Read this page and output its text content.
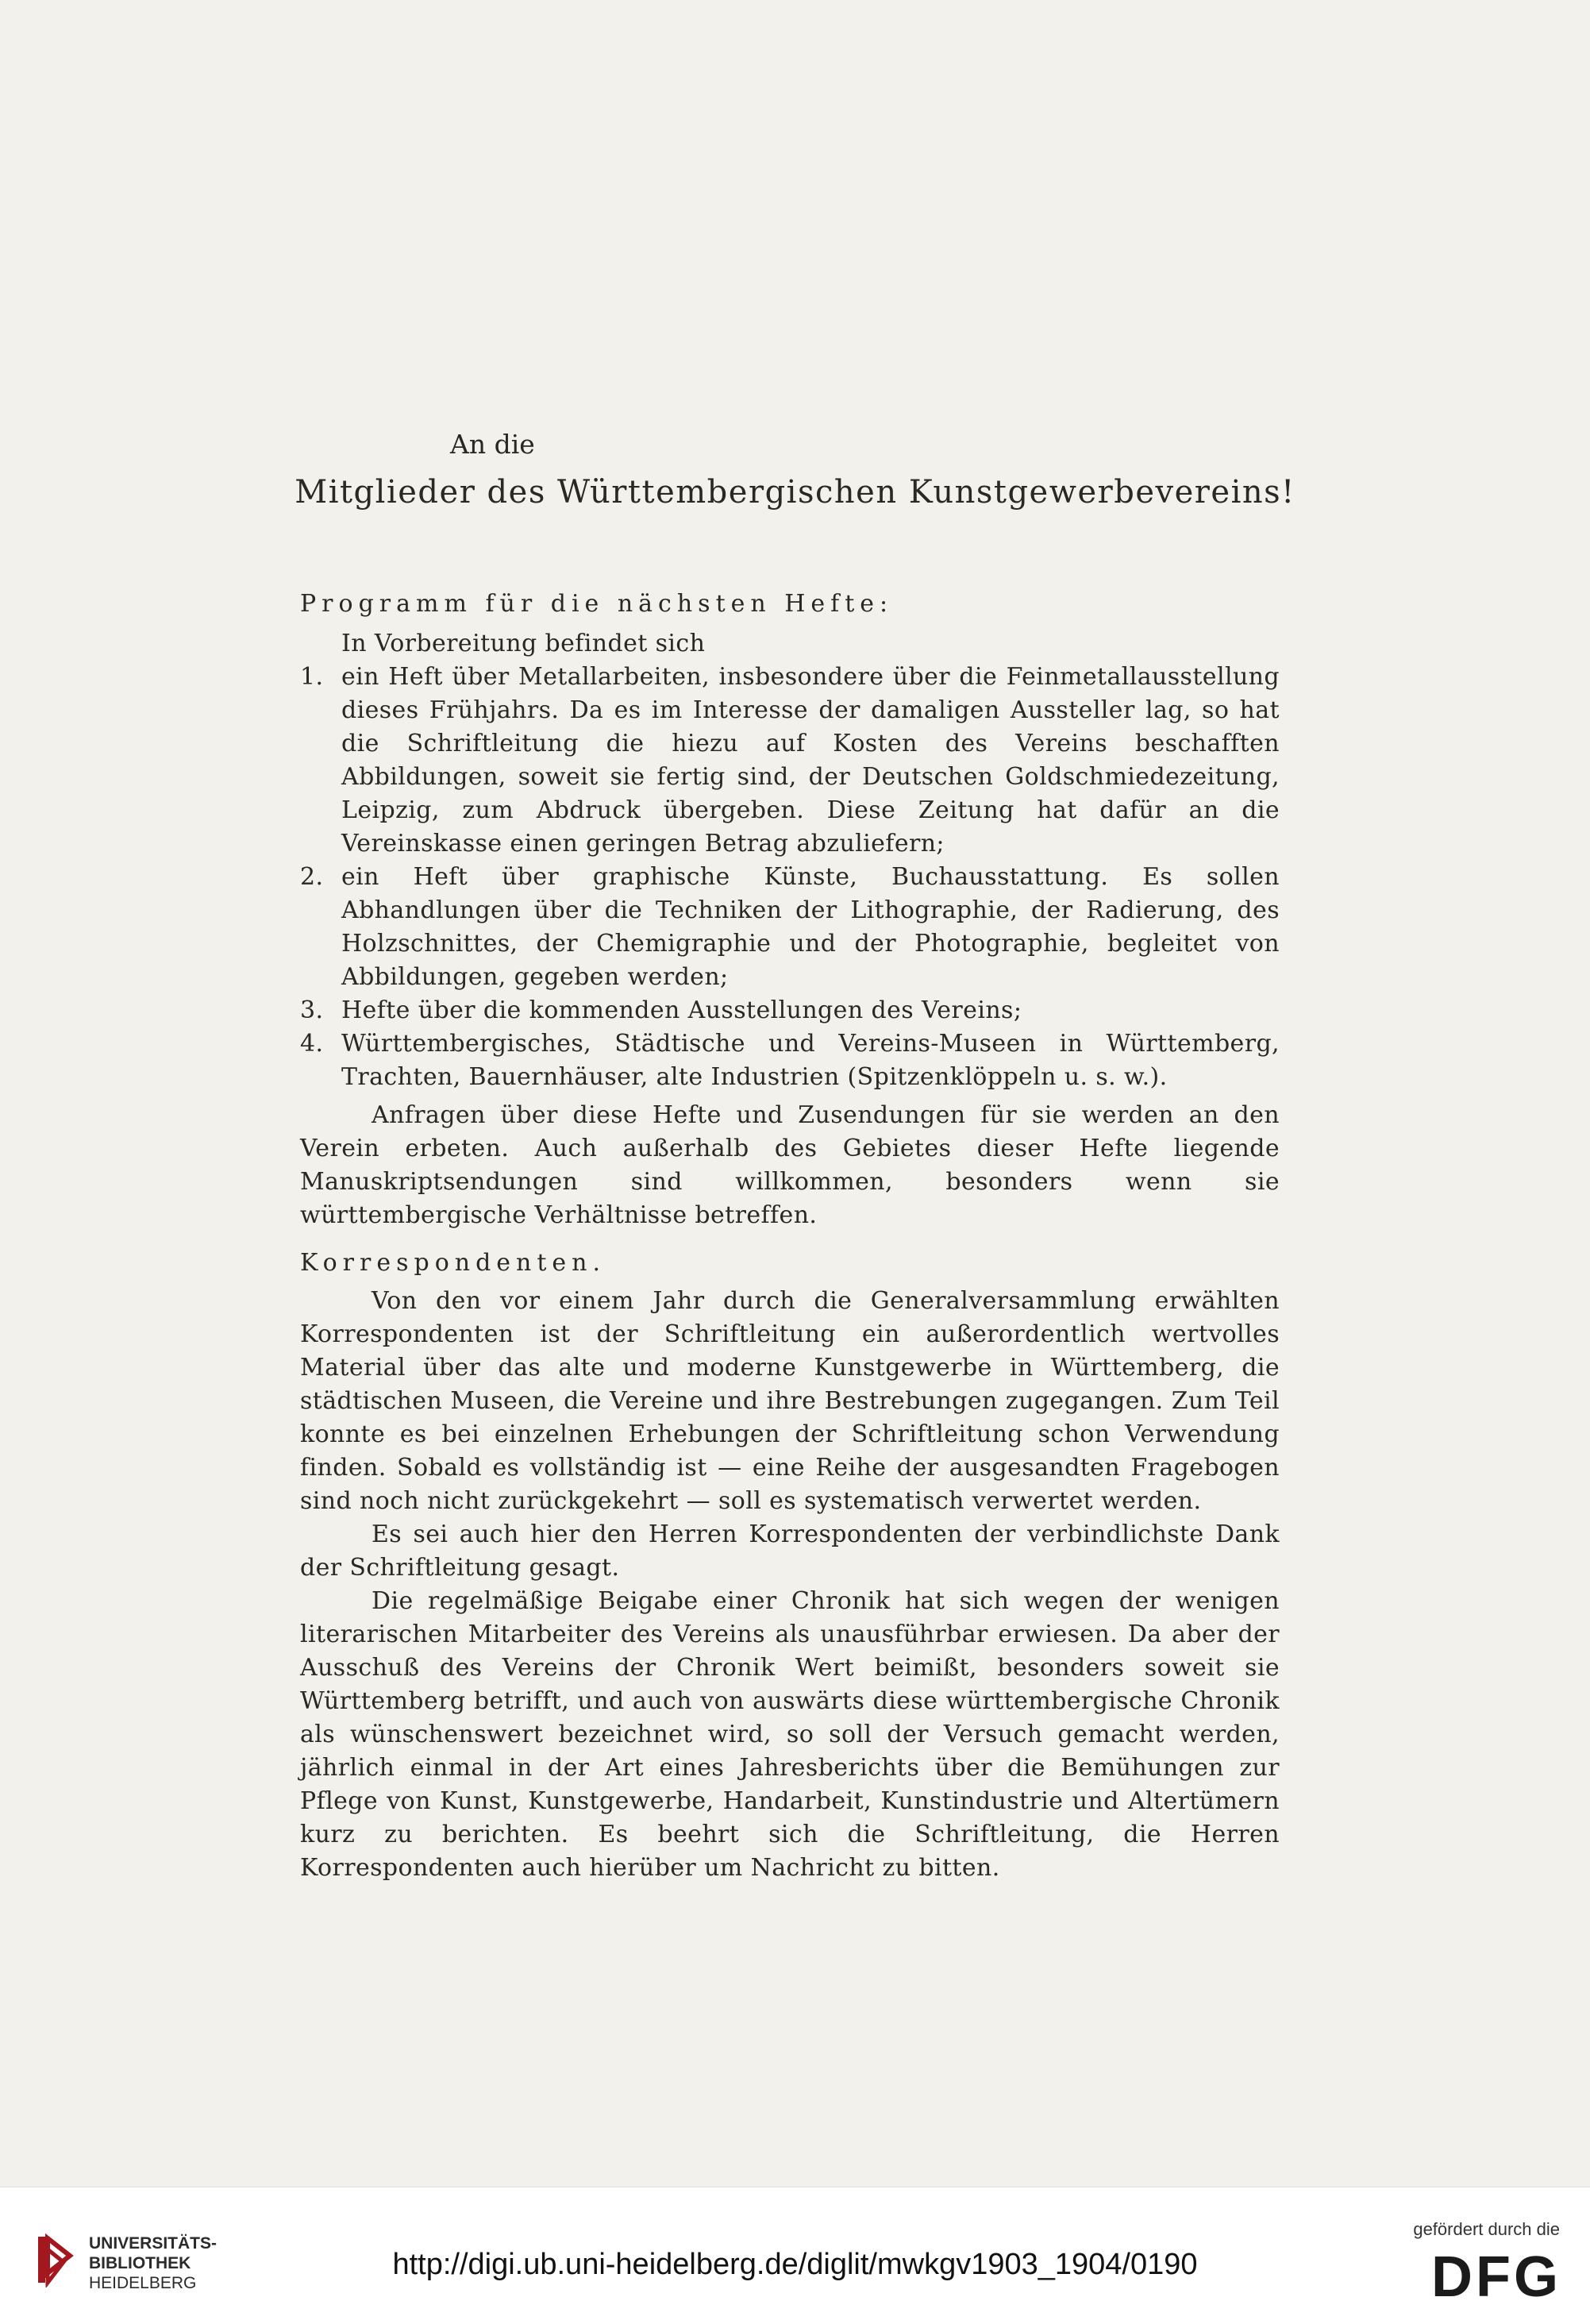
An die
Mitglieder des Württembergischen Kunstgewerbevereins!
Programm für die nächsten Hefte:
In Vorbereitung befindet sich
1. ein Heft über Metallarbeiten, insbesondere über die Feinmetallausstellung dieses Frühjahrs. Da es im Interesse der damaligen Aussteller lag, so hat die Schriftleitung die hiezu auf Kosten des Vereins beschafften Abbildungen, soweit sie fertig sind, der Deutschen Goldschmiedezeitung, Leipzig, zum Abdruck übergeben. Diese Zeitung hat dafür an die Vereinskasse einen geringen Betrag abzuliefern;
2. ein Heft über graphische Künste, Buchausstattung. Es sollen Abhandlungen über die Techniken der Lithographie, der Radierung, des Holzschnittes, der Chemigraphie und der Photographie, begleitet von Abbildungen, gegeben werden;
3. Hefte über die kommenden Ausstellungen des Vereins;
4. Württembergisches, Städtische und Vereins-Museen in Württemberg, Trachten, Bauernhäuser, alte Industrien (Spitzenklöppeln u. s. w.).

Anfragen über diese Hefte und Zusendungen für sie werden an den Verein erbeten. Auch außerhalb des Gebietes dieser Hefte liegende Manuskriptsendungen sind willkommen, besonders wenn sie württembergische Verhältnisse betreffen.

Korrespondenten.

Von den vor einem Jahr durch die Generalversammlung erwählten Korrespondenten ist der Schriftleitung ein außerordentlich wertvolles Material über das alte und moderne Kunstgewerbe in Württemberg, die städtischen Museen, die Vereine und ihre Bestrebungen zugegangen. Zum Teil konnte es bei einzelnen Erhebungen der Schriftleitung schon Verwendung finden. Sobald es vollständig ist — eine Reihe der ausgesandten Fragebogen sind noch nicht zurückgekehrt — soll es systematisch verwertet werden.

Es sei auch hier den Herren Korrespondenten der verbindlichste Dank der Schriftleitung gesagt.

Die regelmäßige Beigabe einer Chronik hat sich wegen der wenigen literarischen Mitarbeiter des Vereins als unausführbar erwiesen. Da aber der Ausschuß des Vereins der Chronik Wert beimißt, besonders soweit sie Württemberg betrifft, und auch von auswärts diese württembergische Chronik als wünschenswert bezeichnet wird, so soll der Versuch gemacht werden, jährlich einmal in der Art eines Jahresberichts über die Bemühungen zur Pflege von Kunst, Kunstgewerbe, Handarbeit, Kunstindustrie und Altertümern kurz zu berichten. Es beehrt sich die Schriftleitung, die Herren Korrespondenten auch hierüber um Nachricht zu bitten.

UNIVERSITÄTS-
BIBLIOTHEK
HEIDELBERG
http://digi.ub.uni-heidelberg.de/diglit/mwkgv1903_1904/0190
gefördert durch die
DFG
